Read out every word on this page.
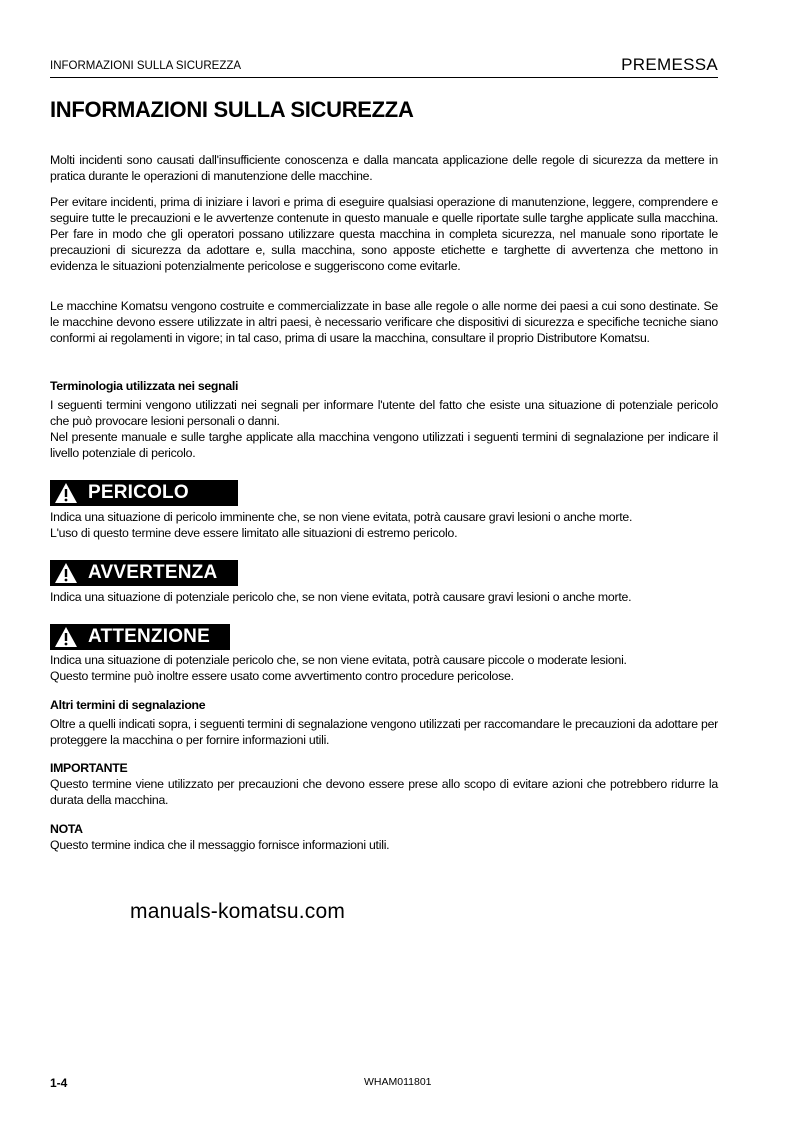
INFORMAZIONI SULLA SICUREZZA	PREMESSA
INFORMAZIONI SULLA SICUREZZA

Molti incidenti sono causati dall'insufficiente conoscenza e dalla mancata applicazione delle regole di sicurezza da mettere in pratica durante le operazioni di manutenzione delle macchine.

Per evitare incidenti, prima di iniziare i lavori e prima di eseguire qualsiasi operazione di manutenzione, leggere, comprendere e seguire tutte le precauzioni e le avvertenze contenute in questo manuale e quelle riportate sulle targhe applicate sulla macchina. Per fare in modo che gli operatori possano utilizzare questa macchina in completa sicurezza, nel manuale sono riportate le precauzioni di sicurezza da adottare e, sulla macchina, sono apposte etichette e targhette di avvertenza che mettono in evidenza le situazioni potenzialmente pericolose e suggeriscono come evitarle.

Le macchine Komatsu vengono costruite e commercializzate in base alle regole o alle norme dei paesi a cui sono destinate. Se le macchine devono essere utilizzate in altri paesi, è necessario verificare che dispositivi di sicurezza e specifiche tecniche siano conformi ai regolamenti in vigore; in tal caso, prima di usare la macchina, consultare il proprio Distributore Komatsu.

Terminologia utilizzata nei segnali

I seguenti termini vengono utilizzati nei segnali per informare l'utente del fatto che esiste una situazione di potenziale pericolo che può provocare lesioni personali o danni.

Nel presente manuale e sulle targhe applicate alla macchina vengono utilizzati i seguenti termini di segnalazione per indicare il livello potenziale di pericolo.

PERICOLO

Indica una situazione di pericolo imminente che, se non viene evitata, potrà causare gravi lesioni o anche morte.

L'uso di questo termine deve essere limitato alle situazioni di estremo pericolo.

AVVERTENZA

Indica una situazione di potenziale pericolo che, se non viene evitata, potrà causare gravi lesioni o anche morte.

ATTENZIONE

Indica una situazione di potenziale pericolo che, se non viene evitata, potrà causare piccole o moderate lesioni.

Questo termine può inoltre essere usato come avvertimento contro procedure pericolose.

Altri termini di segnalazione

Oltre a quelli indicati sopra, i seguenti termini di segnalazione vengono utilizzati per raccomandare le precauzioni da adottare per proteggere la macchina o per fornire informazioni utili.

IMPORTANTE

Questo termine viene utilizzato per precauzioni che devono essere prese allo scopo di evitare azioni che potrebbero ridurre la durata della macchina.

NOTA

Questo termine indica che il messaggio fornisce informazioni utili.

manuals-komatsu.com
1-4	WHAM011801
